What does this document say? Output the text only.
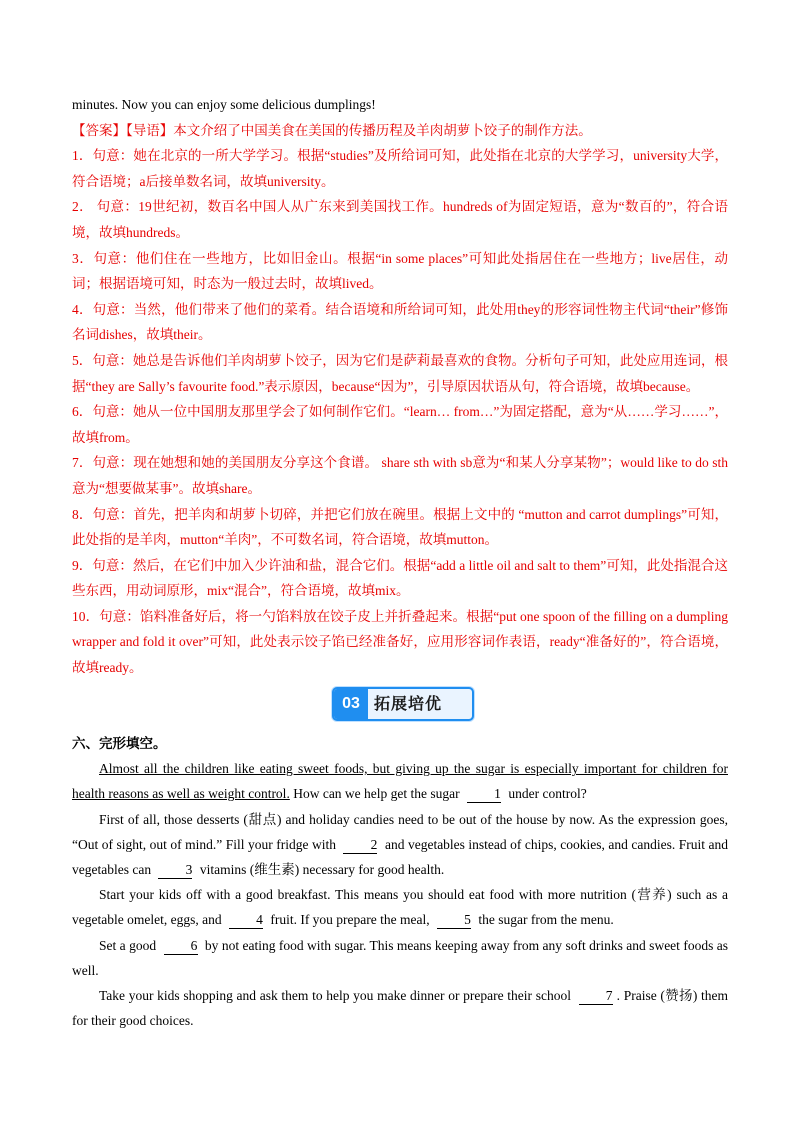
minutes. Now you can enjoy some delicious dumplings!
【答案】【导语】本文介绍了中国美食在美国的传播历程及羊肉胡萝卜饺子的制作方法。
1．句意：她在北京的一所大学学习。根据“studies”及所给词可知，此处指在北京的大学学习，university大学，符合语境；a后接单数名词，故填university。
2． 句意：19世纪初，数百名中国人从广东来到美国找工作。hundreds of为固定短语，意为“数百的”，符合语境，故填hundreds。
3．句意：他们住在一些地方，比如旧金山。根据“in some places”可知此处指居住在一些地方；live居住，动词；根据语境可知，时态为一般过去时，故填lived。
4．句意：当然，他们带来了他们的菜肴。结合语境和所给词可知，此处用they的形容词性物主代词“their”修饰名词dishes，故填their。
5．句意：她总是告诉他们羊肉胡萝卜饺子，因为它们是萨莉最喜欢的食物。分析句子可知，此处应用连词，根据“they are Sally’s favourite food.”表示原因，because“因为”，引导原因状语从句，符合语境，故填because。
6．句意：她从一位中国朋友那里学会了如何制作它们。“learn… from…”为固定搭配，意为“从……学习……”，故填from。
7．句意：现在她想和她的美国朋友分享这个食谱。 share sth with sb意为“和某人分享某物”；would like to do sth意为“想要做某事”。故填share。
8．句意：首先，把羊肉和胡萝卜切碎，并把它们放在碗里。根据上文中的 “mutton and carrot dumplings”可知，此处指的是羊肉，mutton“羊肉”，不可数名词，符合语境，故填mutton。
9．句意：然后，在它们中加入少许油和盐，混合它们。根据“add a little oil and salt to them”可知，此处指混合这些东西，用动词原形，mix“混合”，符合语境，故填mix。
10．句意：馅料准备好后，将一勺馅料放在饺子皮上并折叠起来。根据“put one spoon of the filling on a dumpling wrapper and fold it over”可知，此处表示饺子馅已经准备好，应用形容词作表语，ready“准备好的”，符合语境，故填ready。
03 拓展培优
六、完形填空。
Almost all the children like eating sweet foods, but giving up the sugar is especially important for children for health reasons as well as weight control. How can we help get the sugar 1 under control?
First of all, those desserts (甜点) and holiday candies need to be out of the house by now. As the expression goes, “Out of sight, out of mind.” Fill your fridge with 2 and vegetables instead of chips, cookies, and candies. Fruit and vegetables can 3 vitamins (维生素) necessary for good health.
Start your kids off with a good breakfast. This means you should eat food with more nutrition (营养) such as a vegetable omelet, eggs, and 4 fruit. If you prepare the meal, 5 the sugar from the menu.
Set a good 6 by not eating food with sugar. This means keeping away from any soft drinks and sweet foods as well.
Take your kids shopping and ask them to help you make dinner or prepare their school 7 . Praise (赞扬) them for their good choices.
